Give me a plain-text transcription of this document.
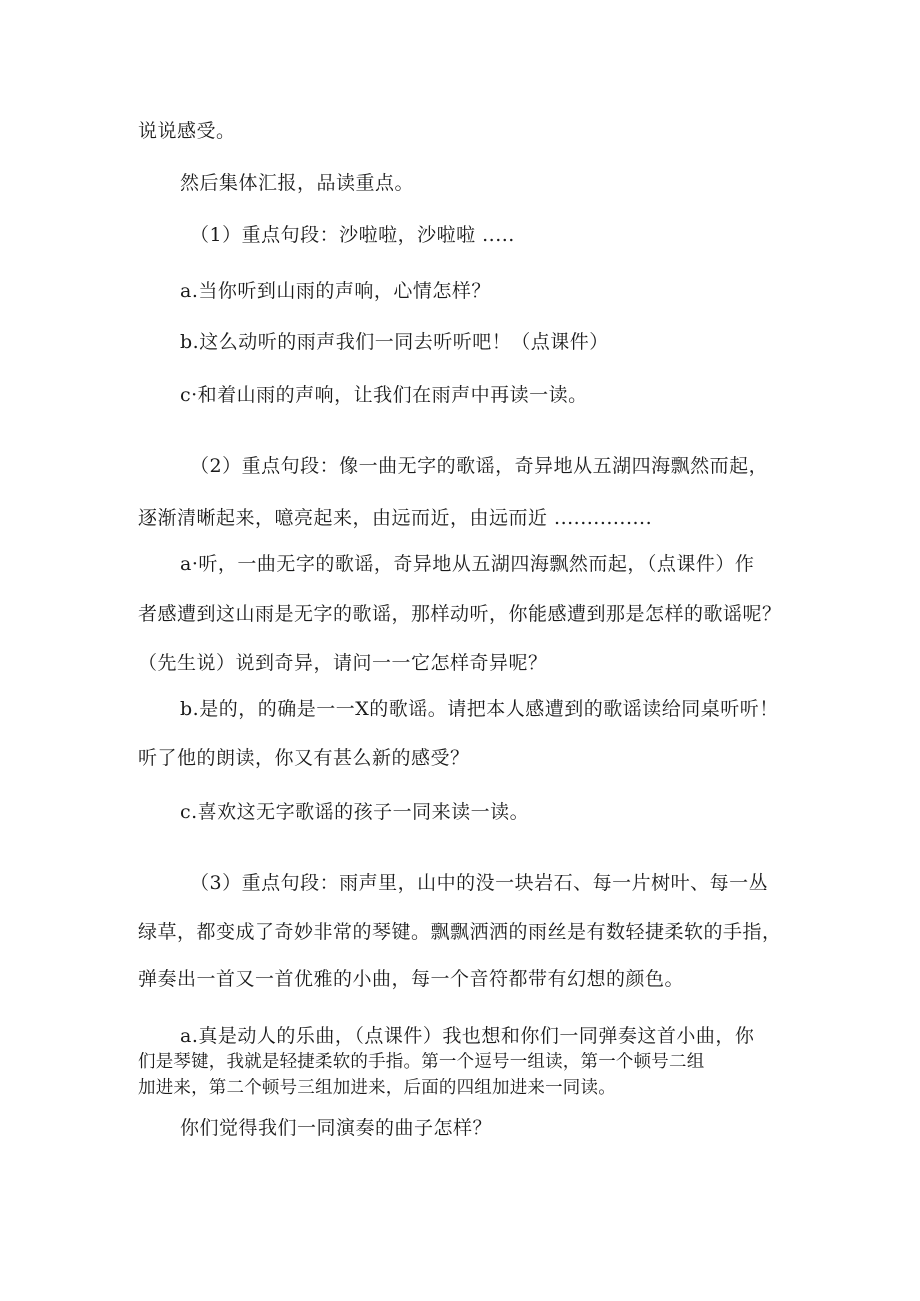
说说感受。
然后集体汇报，品读重点。
（1）重点句段：沙啦啦，沙啦啦 .....
a.当你听到山雨的声响，心情怎样？
b.这么动听的雨声我们一同去听听吧！（点课件）
c·和着山雨的声响，让我们在雨声中再读一读。
（2）重点句段：像一曲无字的歌谣，奇异地从五湖四海飘然而起，
逐渐清晰起来，噫亮起来，由远而近，由远而近 ...............
a·听，一曲无字的歌谣，奇异地从五湖四海飘然而起，（点课件）作
者感遭到这山雨是无字的歌谣，那样动听，你能感遭到那是怎样的歌谣呢？
（先生说）说到奇异，请问一一它怎样奇异呢？
b.是的，的确是一一X的歌谣。请把本人感遭到的歌谣读给同桌听听！
听了他的朗读，你又有甚么新的感受？
c.喜欢这无字歌谣的孩子一同来读一读。
（3）重点句段：雨声里，山中的没一块岩石、每一片树叶、每一丛
绿草，都变成了奇妙非常的琴键。飘飘洒洒的雨丝是有数轻捷柔软的手指，
弹奏出一首又一首优雅的小曲，每一个音符都带有幻想的颜色。
a.真是动人的乐曲，（点课件）我也想和你们一同弹奏这首小曲，你
们是琴键，我就是轻捷柔软的手指。第一个逗号一组读，第一个顿号二组
加进来，第二个顿号三组加进来，后面的四组加进来一同读。
你们觉得我们一同演奏的曲子怎样？
